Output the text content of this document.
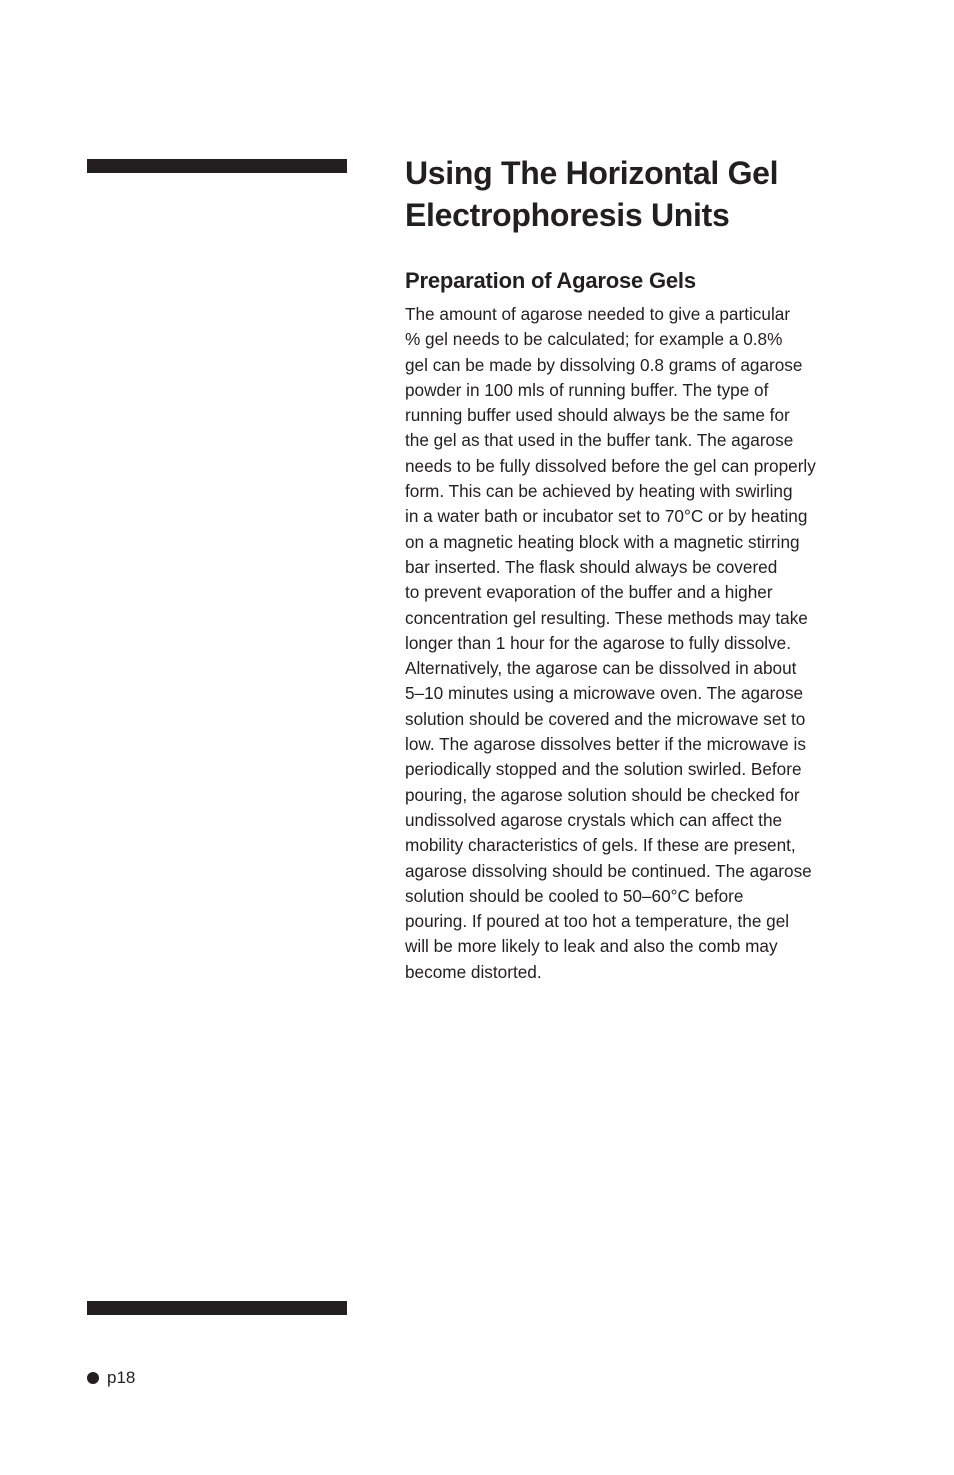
Using The Horizontal Gel
Electrophoresis Units
Preparation of Agarose Gels

The amount of agarose needed to give a particular
% gel needs to be calculated; for example a 0.8%
gel can be made by dissolving 0.8 grams of agarose
powder in 100 mls of running buffer. The type of
running buffer used should always be the same for
the gel as that used in the buffer tank. The agarose
needs to be fully dissolved before the gel can properly
form. This can be achieved by heating with swirling
in a water bath or incubator set to 70°C or by heating
on a magnetic heating block with a magnetic stirring
bar inserted. The flask should always be covered
to prevent evaporation of the buffer and a higher
concentration gel resulting. These methods may take
longer than 1 hour for the agarose to fully dissolve.
Alternatively, the agarose can be dissolved in about
5–10 minutes using a microwave oven. The agarose
solution should be covered and the microwave set to
low. The agarose dissolves better if the microwave is
periodically stopped and the solution swirled. Before
pouring, the agarose solution should be checked for
undissolved agarose crystals which can affect the
mobility characteristics of gels. If these are present,
agarose dissolving should be continued. The agarose
solution should be cooled to 50–60°C before
pouring. If poured at too hot a temperature, the gel
will be more likely to leak and also the comb may
become distorted.

p18
